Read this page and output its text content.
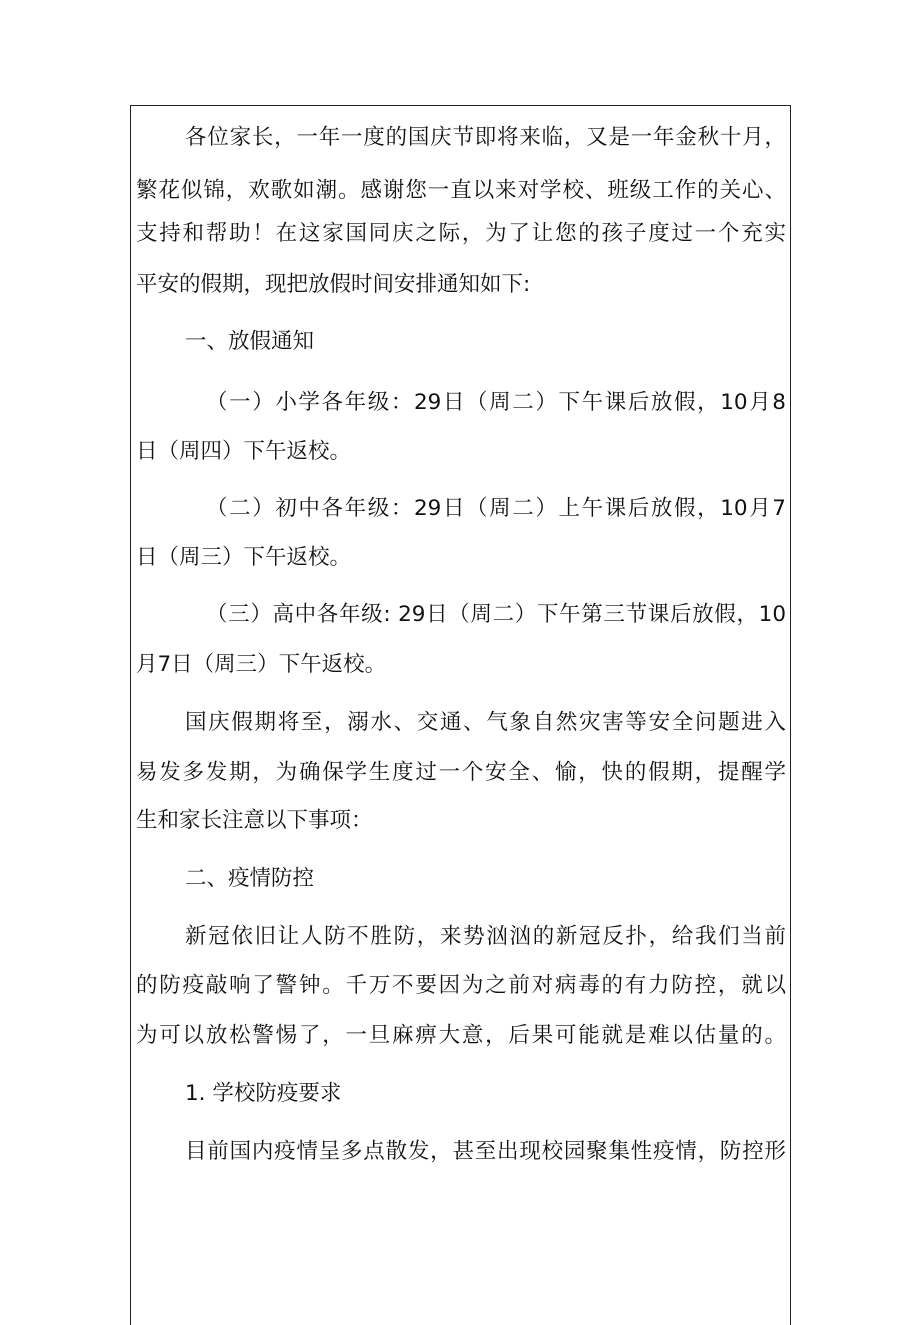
各位家长，一年一度的国庆节即将来临，又是一年金秋十月，
繁花似锦，欢歌如潮。感谢您一直以来对学校、班级工作的关心、
支持和帮助！在这家国同庆之际，为了让您的孩子度过一个充实
平安的假期，现把放假时间安排通知如下:
一、放假通知
（一）小学各年级：29日（周二）下午课后放假，10月8
日（周四）下午返校。
（二）初中各年级：29日（周二）上午课后放假，10月7
日（周三）下午返校。
（三）高中各年级: 29日（周二）下午第三节课后放假，10
月7日（周三）下午返校。
国庆假期将至，溺水、交通、气象自然灾害等安全问题进入
易发多发期，为确保学生度过一个安全、愉，快的假期，提醒学
生和家长注意以下事项：
二、疫情防控
新冠依旧让人防不胜防，来势汹汹的新冠反扑，给我们当前
的防疫敲响了警钟。千万不要因为之前对病毒的有力防控，就以
为可以放松警惕了，一旦麻痹大意，后果可能就是难以估量的。
1. 学校防疫要求
目前国内疫情呈多点散发，甚至出现校园聚集性疫情，防控形
